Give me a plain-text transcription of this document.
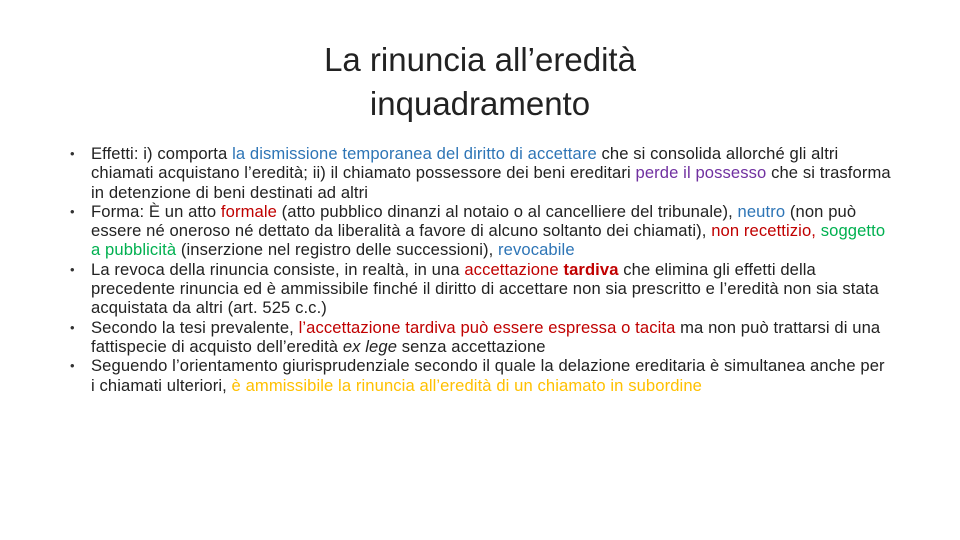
La rinuncia all’eredità
inquadramento
• Effetti: i) comporta la dismissione temporanea del diritto di accettare che si consolida allorché gli altri chiamati acquistano l’eredità; ii) il chiamato possessore dei beni ereditari perde il possesso che si trasforma in detenzione di beni destinati ad altri
• Forma: È un atto formale (atto pubblico dinanzi al notaio o al cancelliere del tribunale), neutro (non può essere né oneroso né dettato da liberalità a favore di alcuno soltanto dei chiamati), non recettizio, soggetto a pubblicità (inserzione nel registro delle successioni), revocabile
• La revoca della rinuncia consiste, in realtà, in una accettazione tardiva che elimina gli effetti della precedente rinuncia ed è ammissibile finché il diritto di accettare non sia prescritto e l’eredità non sia stata acquistata da altri (art. 525 c.c.)
• Secondo la tesi prevalente, l’accettazione tardiva può essere espressa o tacita ma non può trattarsi di una fattispecie di acquisto dell’eredità ex lege senza accettazione
• Seguendo l’orientamento giurisprudenziale secondo il quale la delazione ereditaria è simultanea anche per i chiamati ulteriori, è ammissibile la rinuncia all’eredità di un chiamato in subordine
